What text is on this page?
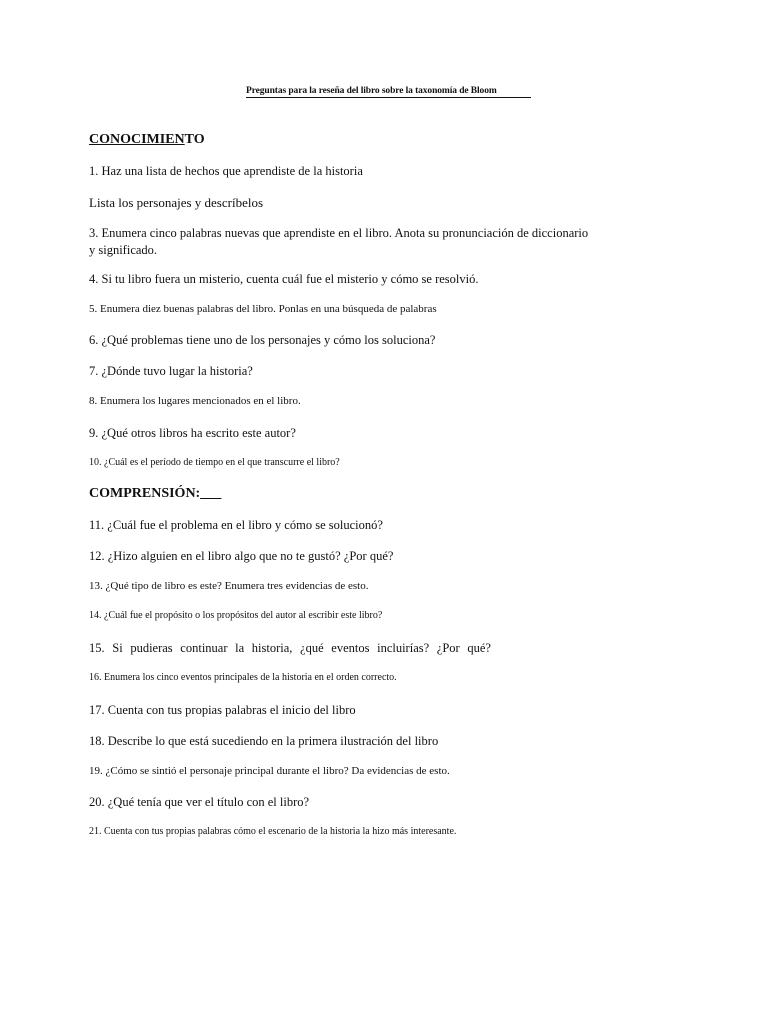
Preguntas para la reseña del libro sobre la taxonomía de Bloom
CONOCIMIENTO
1. Haz una lista de hechos que aprendiste de la historia
Lista los personajes y descríbelos
3. Enumera cinco palabras nuevas que aprendiste en el libro. Anota su pronunciación de diccionario y significado.
4. Si tu libro fuera un misterio, cuenta cuál fue el misterio y cómo se resolvió.
5. Enumera diez buenas palabras del libro. Ponlas en una búsqueda de palabras
6. ¿Qué problemas tiene uno de los personajes y cómo los soluciona?
7. ¿Dónde tuvo lugar la historia?
8. Enumera los lugares mencionados en el libro.
9. ¿Qué otros libros ha escrito este autor?
10. ¿Cuál es el período de tiempo en el que transcurre el libro?
COMPRENSIÓN:___
11. ¿Cuál fue el problema en el libro y cómo se solucionó?
12. ¿Hizo alguien en el libro algo que no te gustó? ¿Por qué?
13. ¿Qué tipo de libro es este? Enumera tres evidencias de esto.
14. ¿Cuál fue el propósito o los propósitos del autor al escribir este libro?
15. Si pudieras continuar la historia, ¿qué eventos incluirías? ¿Por qué?
16. Enumera los cinco eventos principales de la historia en el orden correcto.
17. Cuenta con tus propias palabras el inicio del libro
18. Describe lo que está sucediendo en la primera ilustración del libro
19. ¿Cómo se sintió el personaje principal durante el libro? Da evidencias de esto.
20. ¿Qué tenía que ver el título con el libro?
21. Cuenta con tus propias palabras cómo el escenario de la historia la hizo más interesante.
